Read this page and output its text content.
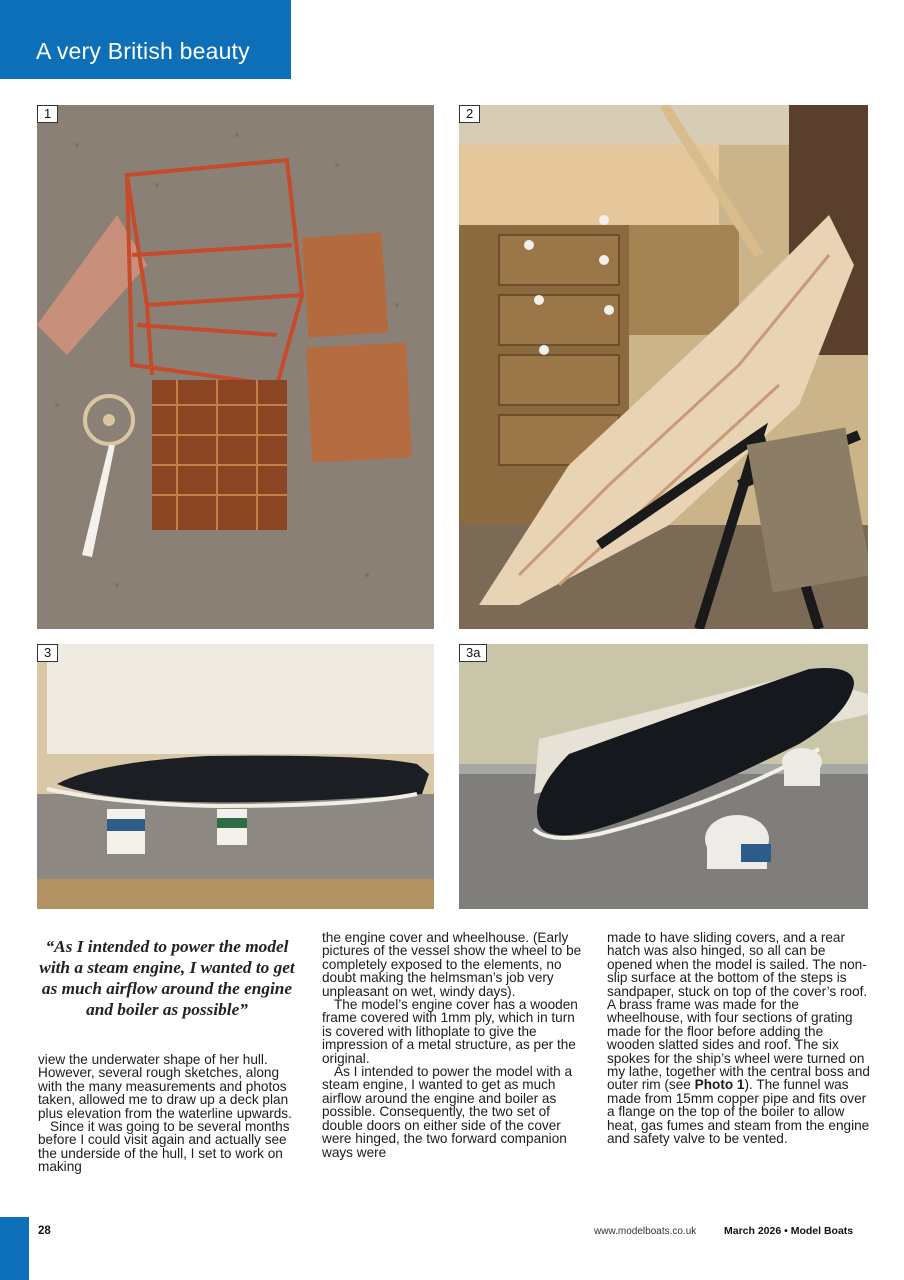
A very British beauty
1	2
3	3a
“As I intended to power the model with a steam engine, I wanted to get as much airflow around the engine and boiler as possible”

view the underwater shape of her hull. However, several rough sketches, along with the many measurements and photos taken, allowed me to draw up a deck plan plus elevation from the waterline upwards.

Since it was going to be several months before I could visit again and actually see the underside of the hull, I set to work on making

the engine cover and wheelhouse. (Early pictures of the vessel show the wheel to be completely exposed to the elements, no doubt making the helmsman’s job very unpleasant on wet, windy days).

The model’s engine cover has a wooden frame covered with 1mm ply, which in turn is covered with lithoplate to give the impression of a metal structure, as per the original.

As I intended to power the model with a steam engine, I wanted to get as much airflow around the engine and boiler as possible. Consequently, the two set of double doors on either side of the cover were hinged, the two forward companion ways were

made to have sliding covers, and a rear hatch was also hinged, so all can be opened when the model is sailed. The non-slip surface at the bottom of the steps is sandpaper, stuck on top of the cover’s roof. A brass frame was made for the wheelhouse, with four sections of grating made for the floor before adding the wooden slatted sides and roof. The six spokes for the ship’s wheel were turned on my lathe, together with the central boss and outer rim (see Photo 1). The funnel was made from 15mm copper pipe and fits over a flange on the top of the boiler to allow heat, gas fumes and steam from the engine and safety valve to be vented.

28	www.modelboats.co.uk	March 2026 • Model Boats
